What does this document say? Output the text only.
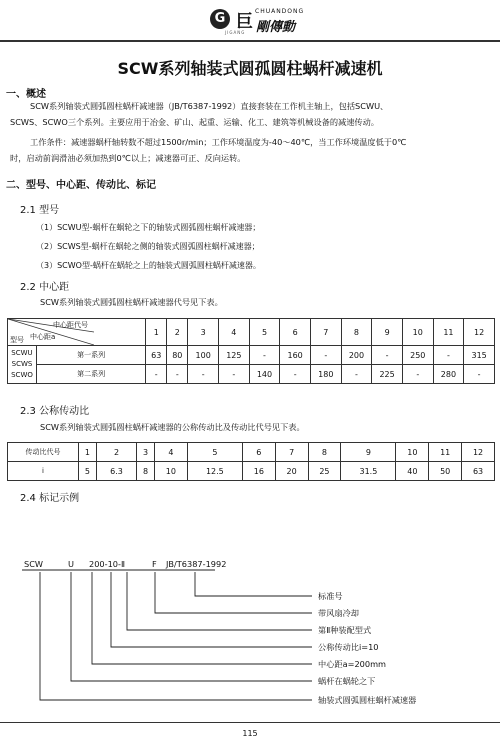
G 巨
CHUANDONG
剛傳動
JIGANG
SCW系列轴装式圆孤圆柱蜗杆减速机
一、概述
SCW系列轴装式圆弧圆柱蜗杆减速器（JB/T6387-1992）直接套装在工作机主轴上，包括SCWU、
SCWS、SCWO三个系列。主要应用于冶金、矿山、起重、运输、化工、建筑等机械设备的减速传动。
工作条件：减速器蜗杆轴转数不超过1500r/min；工作环境温度为-40～40℃，当工作环境温度低于0℃
时，启动前润滑油必须加热到0℃以上；减速器可正、反向运转。
二、型号、中心距、传动比、标记
2.1 型号
（1）SCWU型-蜗杆在蜗轮之下的轴装式圆弧圆柱蜗杆减速器；
（2）SCWS型-蜗杆在蜗轮之侧的轴装式圆弧圆柱蜗杆减速器；
（3）SCWO型-蜗杆在蜗轮之上的轴装式圆弧圆柱蜗杆减速器。
2.2 中心距
SCW系列轴装式圆弧圆柱蜗杆减速器代号见下表。
中心距代号
中心距a
型号		1	2	3	4	5	6	7	8	9	10	11	12

SCWU
SCWS
SCWO	第一系列	63	80	100	125	-	160	-	200	-	250	-	315
	第二系列	-	-	-	-	140	-	180	-	225	-	280	-
2.3 公称传动比
SCW系列轴装式圆弧圆柱蜗杆减速器的公称传动比及传动比代号见下表。
传动比代号	1	2	3	4	5	6	7	8	9	10	11	12
i	5	6.3	8	10	12.5	16	20	25	31.5	40	50	63
2.4 标记示例
SCW	U 200-10-Ⅱ	F JB/T6387-1992
标准号
带风扇冷却
第Ⅱ种装配型式
公称传动比i=10
中心距a=200mm
蜗杆在蜗轮之下
轴装式圆弧圆柱蜗杆减速器
115
